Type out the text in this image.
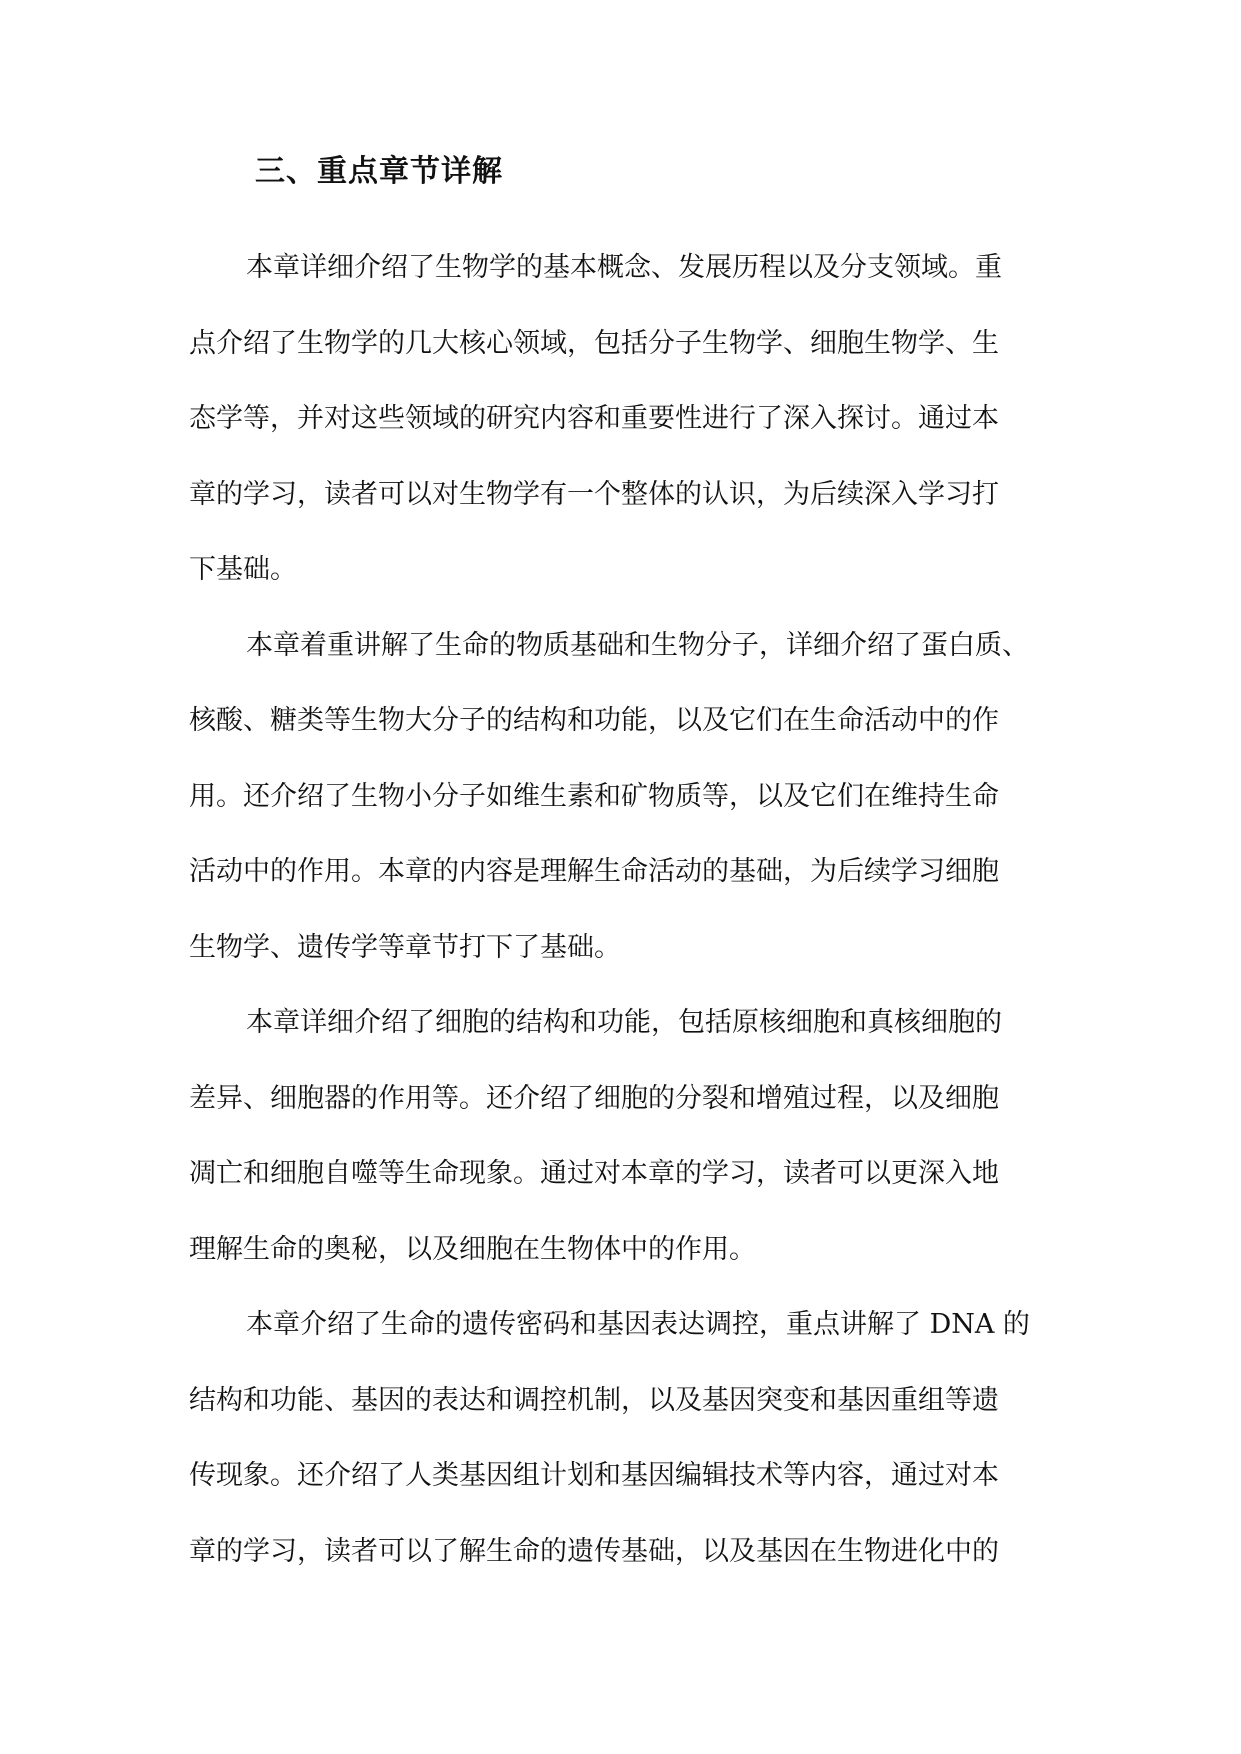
三、重点章节详解
本章详细介绍了生物学的基本概念、发展历程以及分支领域。重
点介绍了生物学的几大核心领域，包括分子生物学、细胞生物学、生
态学等，并对这些领域的研究内容和重要性进行了深入探讨。通过本
章的学习，读者可以对生物学有一个整体的认识，为后续深入学习打
下基础。
本章着重讲解了生命的物质基础和生物分子，详细介绍了蛋白质、
核酸、糖类等生物大分子的结构和功能，以及它们在生命活动中的作
用。还介绍了生物小分子如维生素和矿物质等，以及它们在维持生命
活动中的作用。本章的内容是理解生命活动的基础，为后续学习细胞
生物学、遗传学等章节打下了基础。
本章详细介绍了细胞的结构和功能，包括原核细胞和真核细胞的
差异、细胞器的作用等。还介绍了细胞的分裂和增殖过程，以及细胞
凋亡和细胞自噬等生命现象。通过对本章的学习，读者可以更深入地
理解生命的奥秘，以及细胞在生物体中的作用。
本章介绍了生命的遗传密码和基因表达调控，重点讲解了 DNA 的
结构和功能、基因的表达和调控机制，以及基因突变和基因重组等遗
传现象。还介绍了人类基因组计划和基因编辑技术等内容，通过对本
章的学习，读者可以了解生命的遗传基础，以及基因在生物进化中的
